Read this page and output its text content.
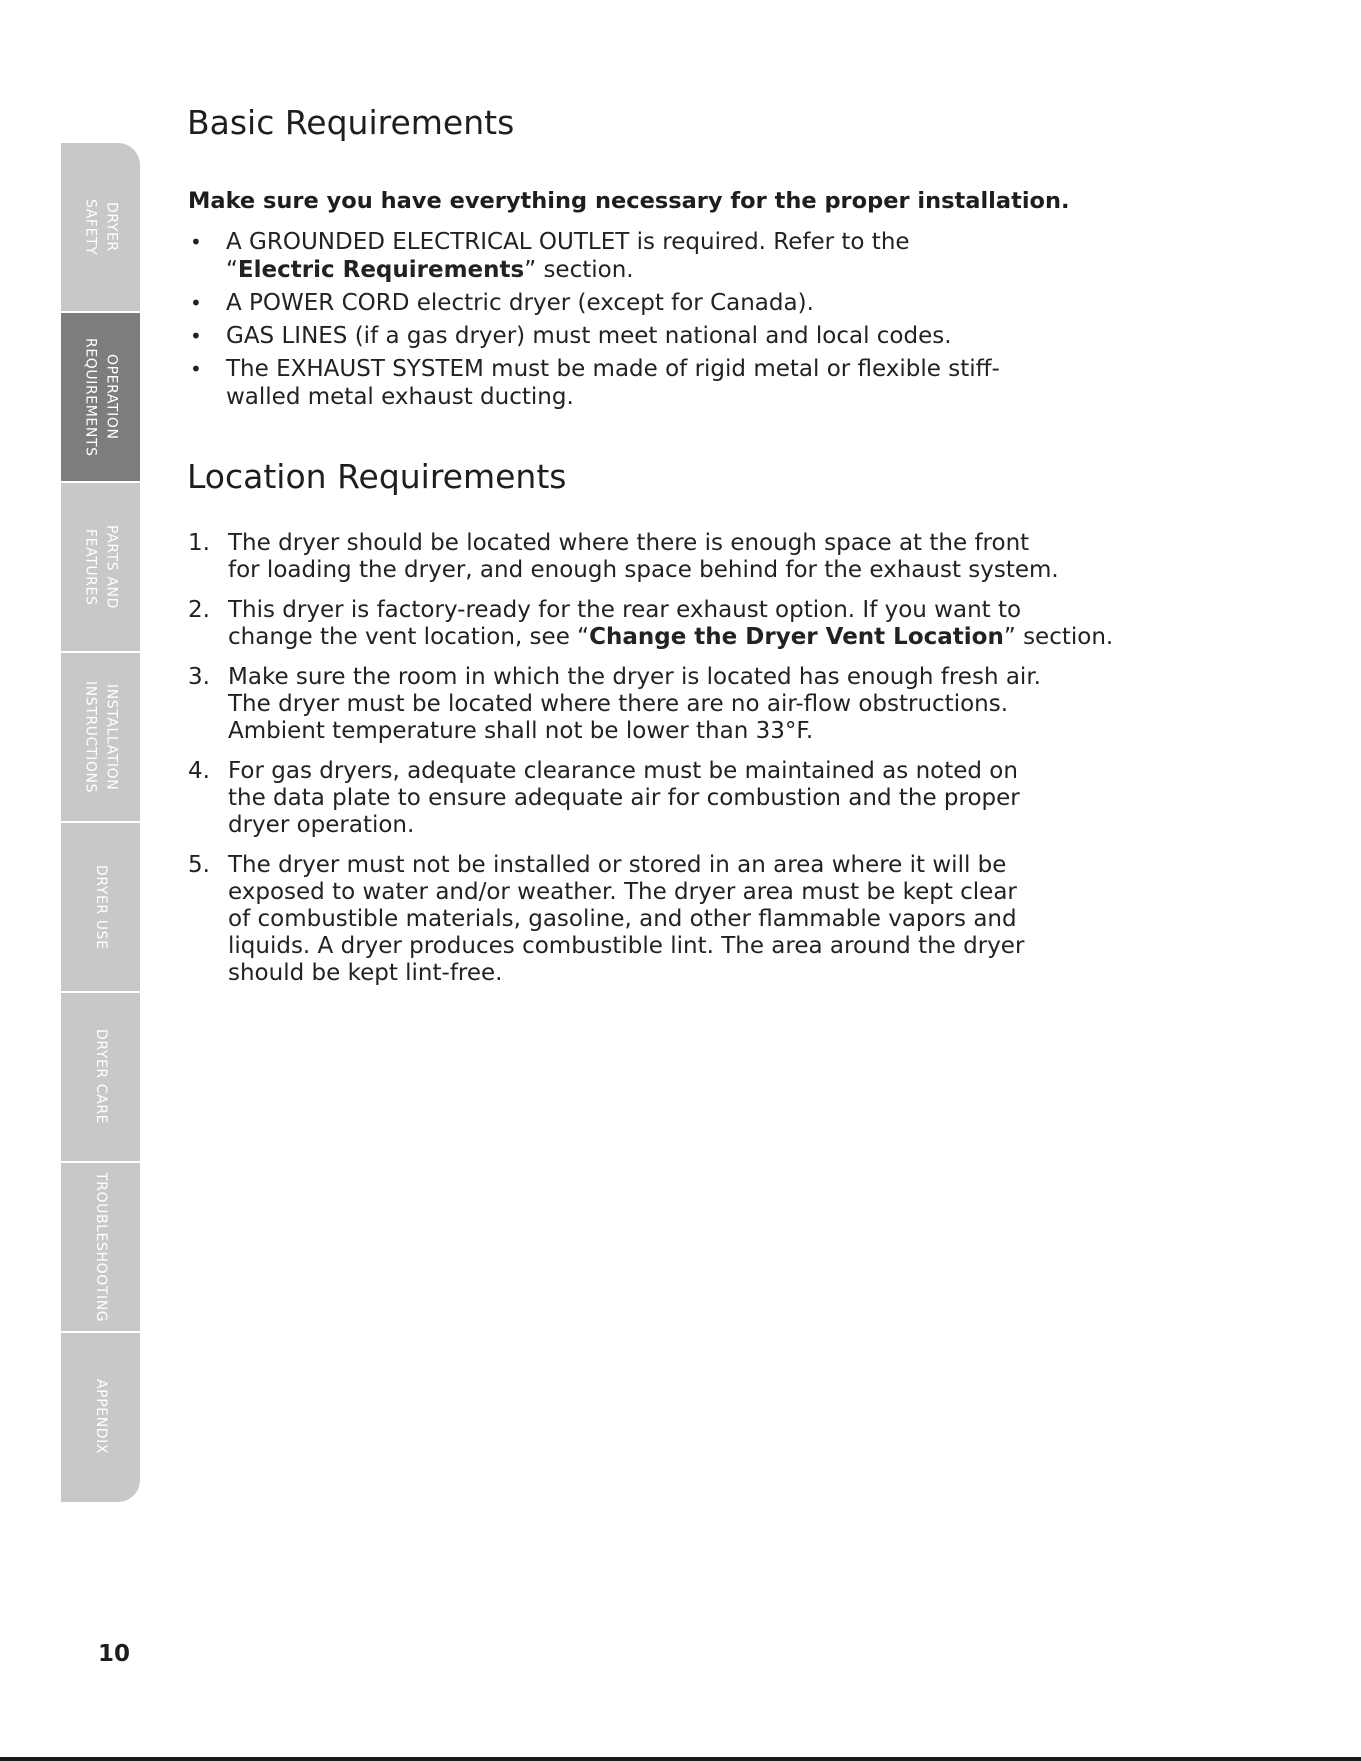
DRYER
SAFETY
OPERATION
REQUIREMENTS
PARTS AND
FEATURES
INSTALLATION
INSTRUCTIONS
DRYER USE
DRYER CARE
TROUBLESHOOTING
APPENDIX
Basic Requirements
Make sure you have everything necessary for the proper installation.
• A GROUNDED ELECTRICAL OUTLET is required. Refer to the
“Electric Requirements” section.
• A POWER CORD electric dryer (except for Canada).
• GAS LINES (if a gas dryer) must meet national and local codes.
• The EXHAUST SYSTEM must be made of rigid metal or flexible stiff-
walled metal exhaust ducting.
Location Requirements
1. The dryer should be located where there is enough space at the front
for loading the dryer, and enough space behind for the exhaust system.
2. This dryer is factory-ready for the rear exhaust option. If you want to
change the vent location, see “Change the Dryer Vent Location” section.
3. Make sure the room in which the dryer is located has enough fresh air.
The dryer must be located where there are no air-flow obstructions.
Ambient temperature shall not be lower than 33°F.
4. For gas dryers, adequate clearance must be maintained as noted on
the data plate to ensure adequate air for combustion and the proper
dryer operation.
5. The dryer must not be installed or stored in an area where it will be
exposed to water and/or weather. The dryer area must be kept clear
of combustible materials, gasoline, and other flammable vapors and
liquids. A dryer produces combustible lint. The area around the dryer
should be kept lint-free.
10
